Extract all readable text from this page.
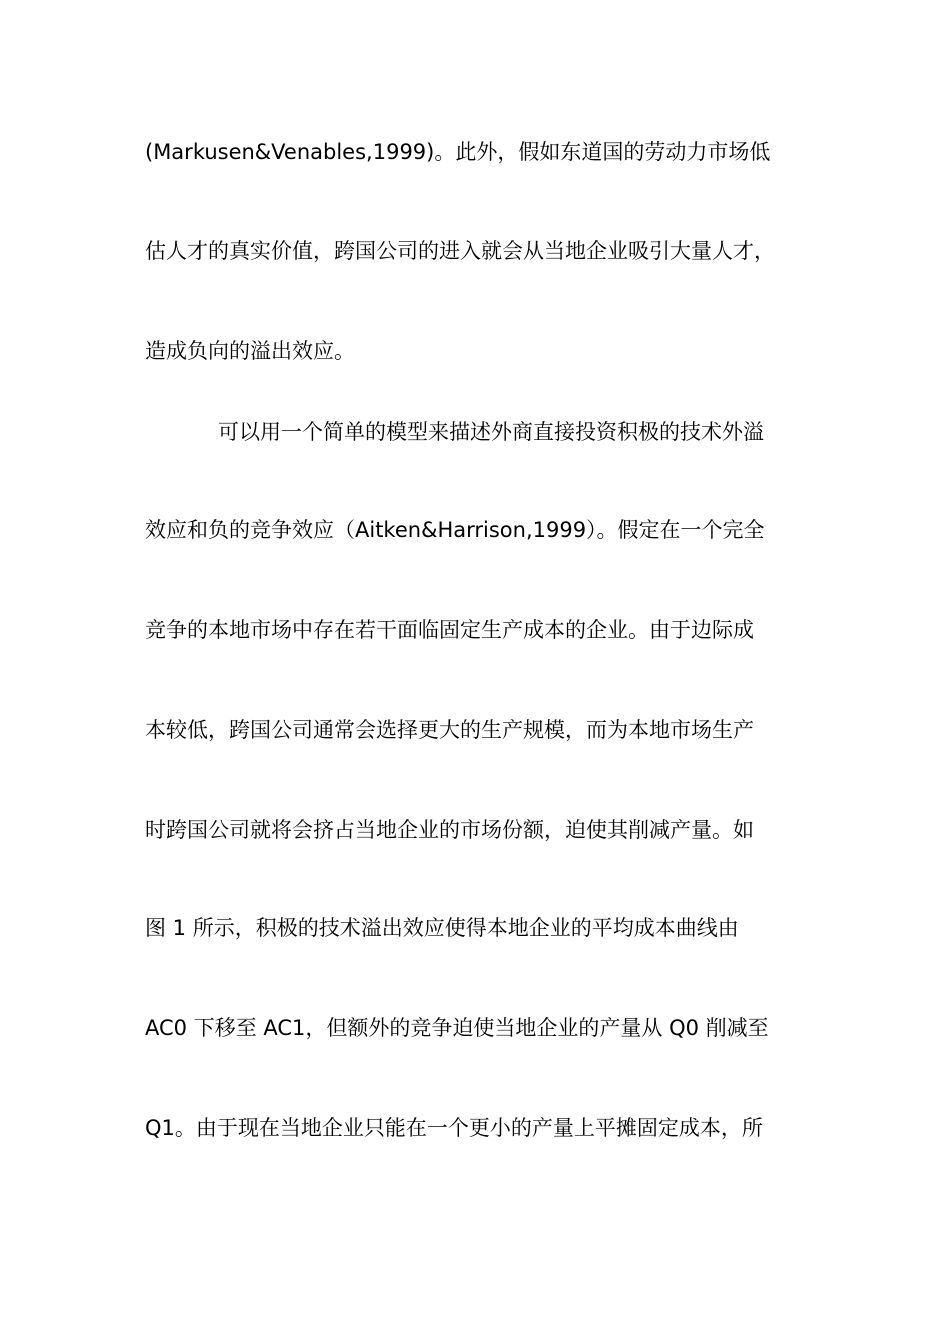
(Markusen&Venables,1999)。此外，假如东道国的劳动力市场低
估人才的真实价值，跨国公司的进入就会从当地企业吸引大量人才，
造成负向的溢出效应。
可以用一个简单的模型来描述外商直接投资积极的技术外溢
效应和负的竞争效应（Aitken&Harrison,1999）。假定在一个完全
竞争的本地市场中存在若干面临固定生产成本的企业。由于边际成
本较低，跨国公司通常会选择更大的生产规模，而为本地市场生产
时跨国公司就将会挤占当地企业的市场份额，迫使其削减产量。如
图 1 所示，积极的技术溢出效应使得本地企业的平均成本曲线由
AC0 下移至 AC1，但额外的竞争迫使当地企业的产量从 Q0 削减至
Q1。由于现在当地企业只能在一个更小的产量上平摊固定成本，所
